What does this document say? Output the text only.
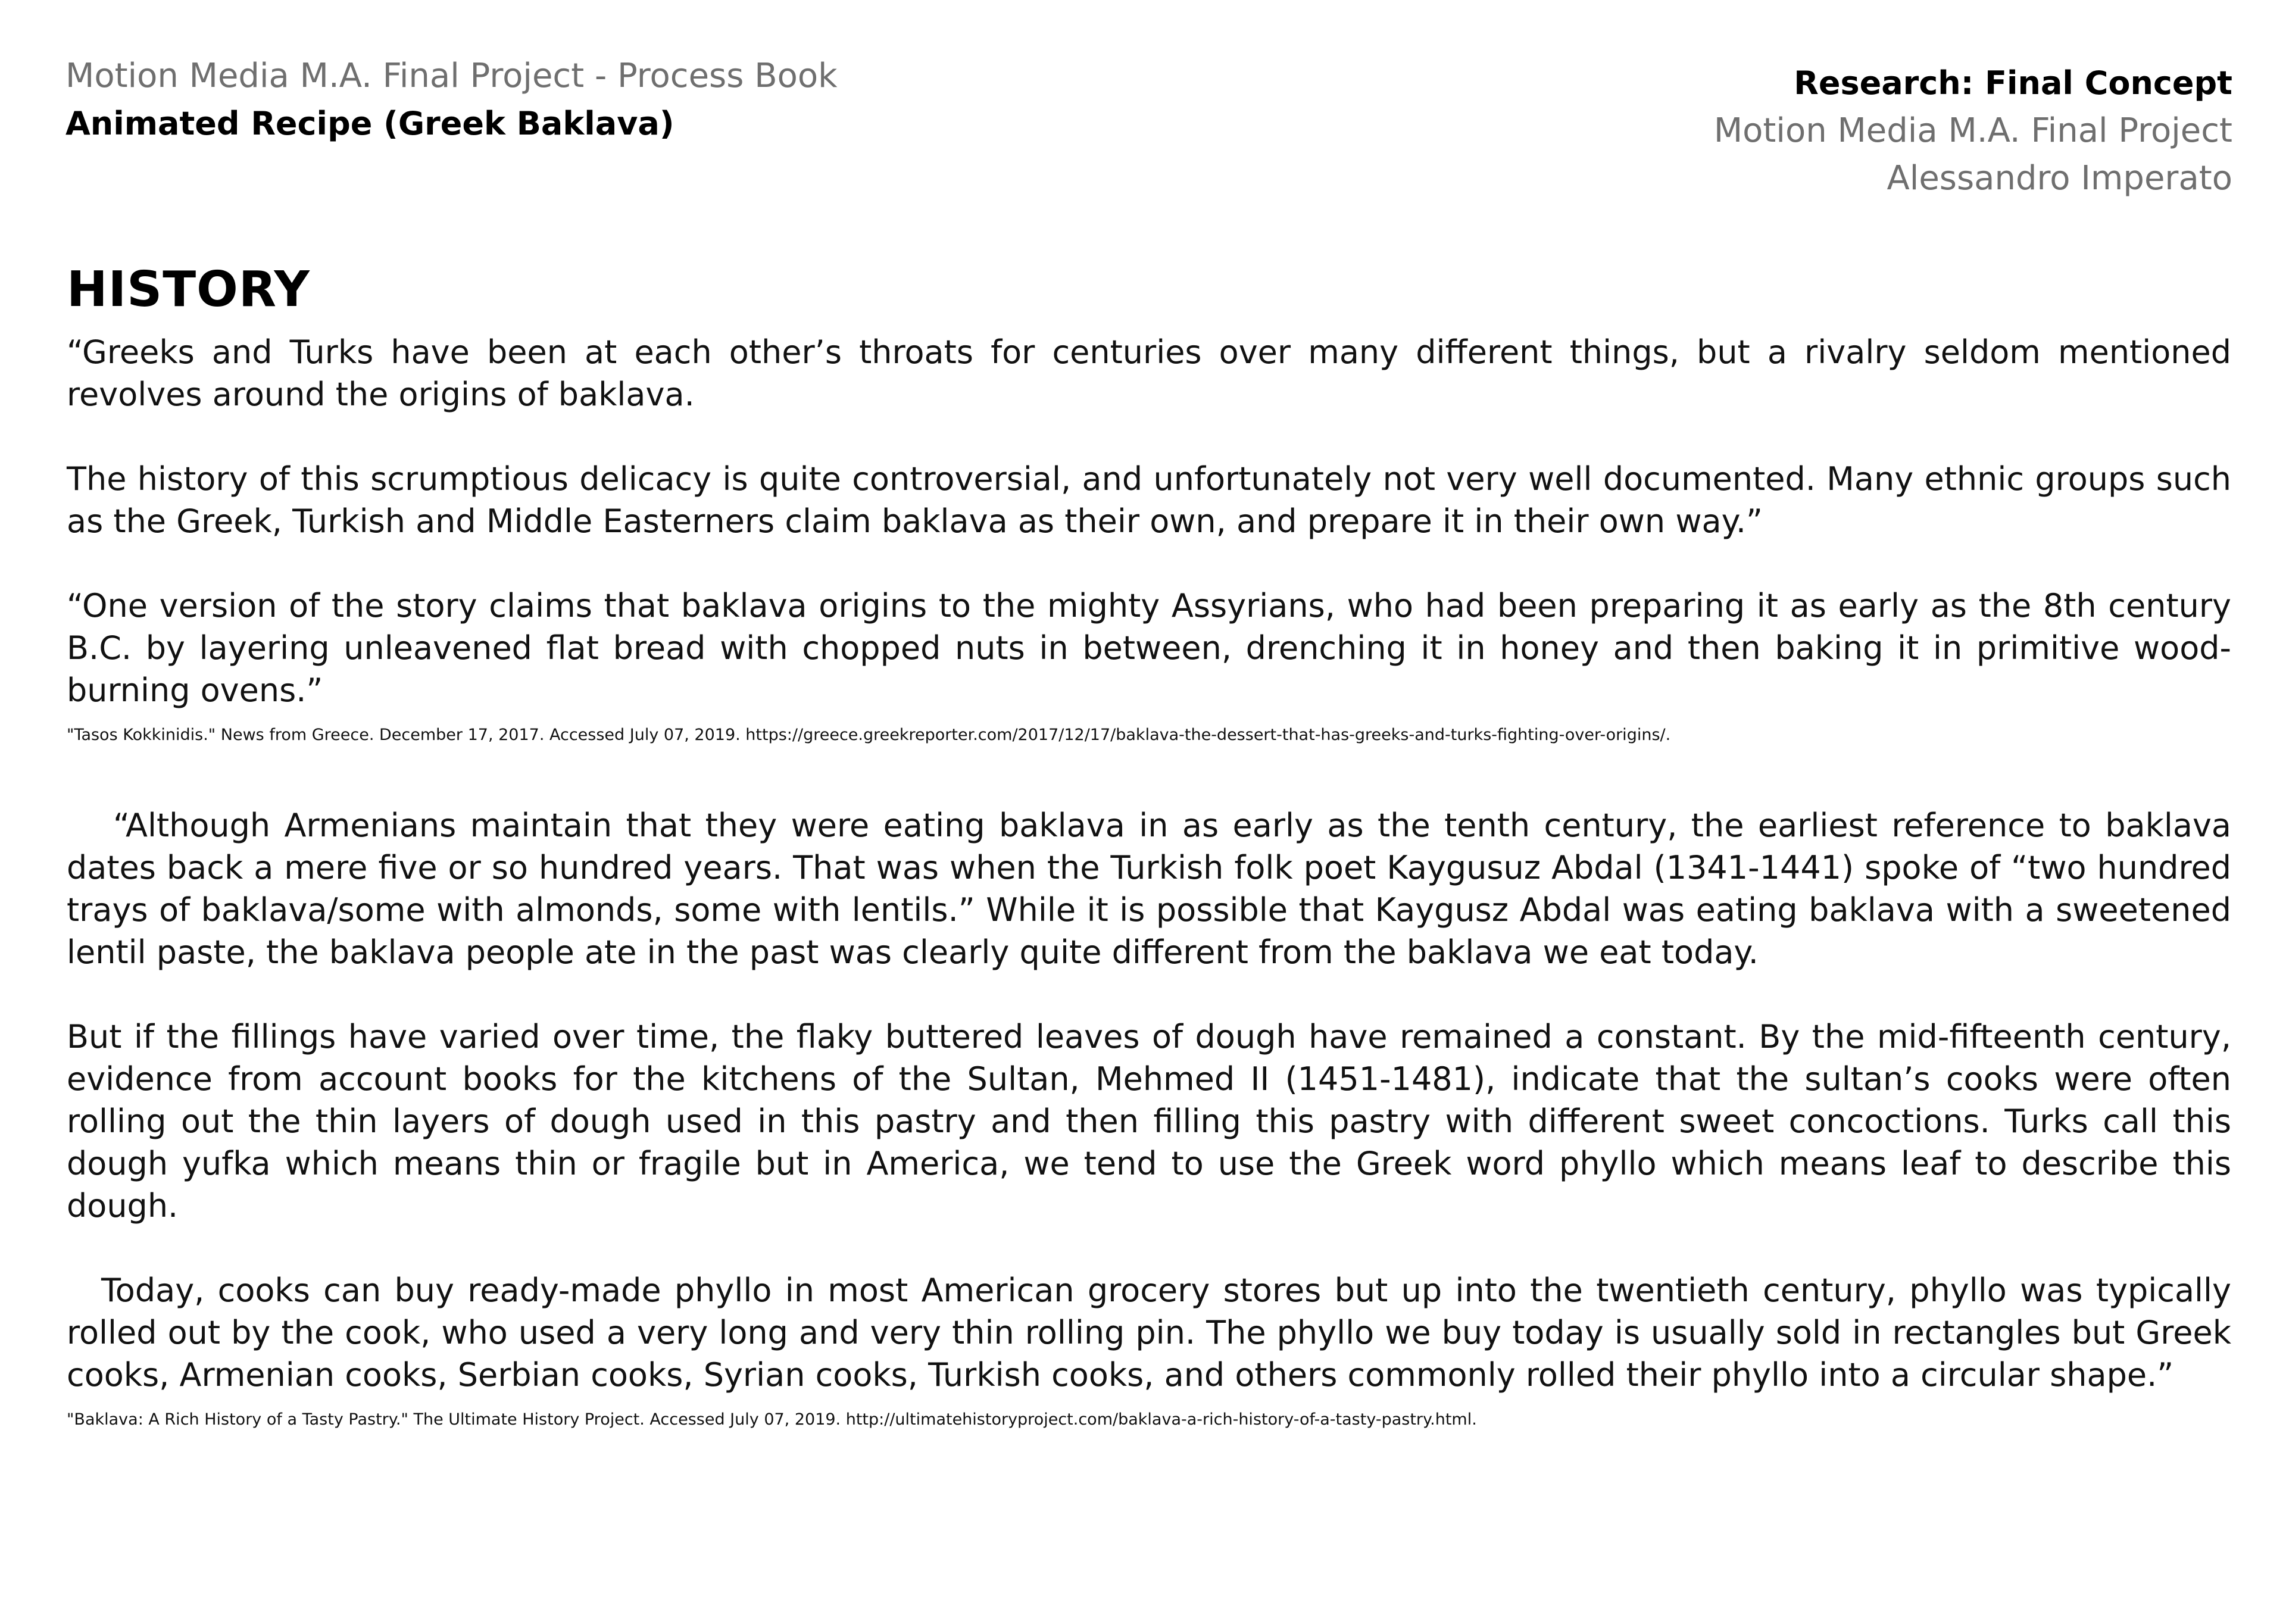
Motion Media M.A. Final Project - Process Book
Animated Recipe (Greek Baklava)
Research: Final Concept
Motion Media M.A. Final Project
Alessandro Imperato
HISTORY

“Greeks and Turks have been at each other’s throats for centuries over many different things, but a rivalry seldom mentioned revolves around the origins of baklava.

The history of this scrumptious delicacy is quite controversial, and unfortunately not very well documented. Many ethnic groups such as the Greek, Turkish and Middle Easterners claim baklava as their own, and prepare it in their own way.”

“One version of the story claims that baklava origins to the mighty Assyrians, who had been preparing it as early as the 8th century B.C. by layering unleavened flat bread with chopped nuts in between, drenching it in honey and then baking it in primitive wood-burning ovens.”

"Tasos Kokkinidis." News from Greece. December 17, 2017. Accessed July 07, 2019. https://greece.greekreporter.com/2017/12/17/baklava-the-dessert-that-has-greeks-and-turks-fighting-over-origins/.

“Although Armenians maintain that they were eating baklava in as early as the tenth century, the earliest reference to baklava dates back a mere five or so hundred years. That was when the Turkish folk poet Kaygusuz Abdal (1341-1441) spoke of “two hundred trays of baklava/some with almonds, some with lentils.” While it is possible that Kaygusz Abdal was eating baklava with a sweetened lentil paste, the baklava people ate in the past was clearly quite different from the baklava we eat today.

But if the fillings have varied over time, the flaky buttered leaves of dough have remained a constant. By the mid-fifteenth century, evidence from account books for the kitchens of the Sultan, Mehmed II (1451-1481), indicate that the sultan’s cooks were often rolling out the thin layers of dough used in this pastry and then filling this pastry with different sweet concoctions. Turks call this dough yufka which means thin or fragile but in America, we tend to use the Greek word phyllo which means leaf to describe this dough.

Today, cooks can buy ready-made phyllo in most American grocery stores but up into the twentieth century, phyllo was typically rolled out by the cook, who used a very long and very thin rolling pin. The phyllo we buy today is usually sold in rectangles but Greek cooks, Armenian cooks, Serbian cooks, Syrian cooks, Turkish cooks, and others commonly rolled their phyllo into a circular shape.”

"Baklava: A Rich History of a Tasty Pastry." The Ultimate History Project. Accessed July 07, 2019. http://ultimatehistoryproject.com/baklava-a-rich-history-of-a-tasty-pastry.html.
